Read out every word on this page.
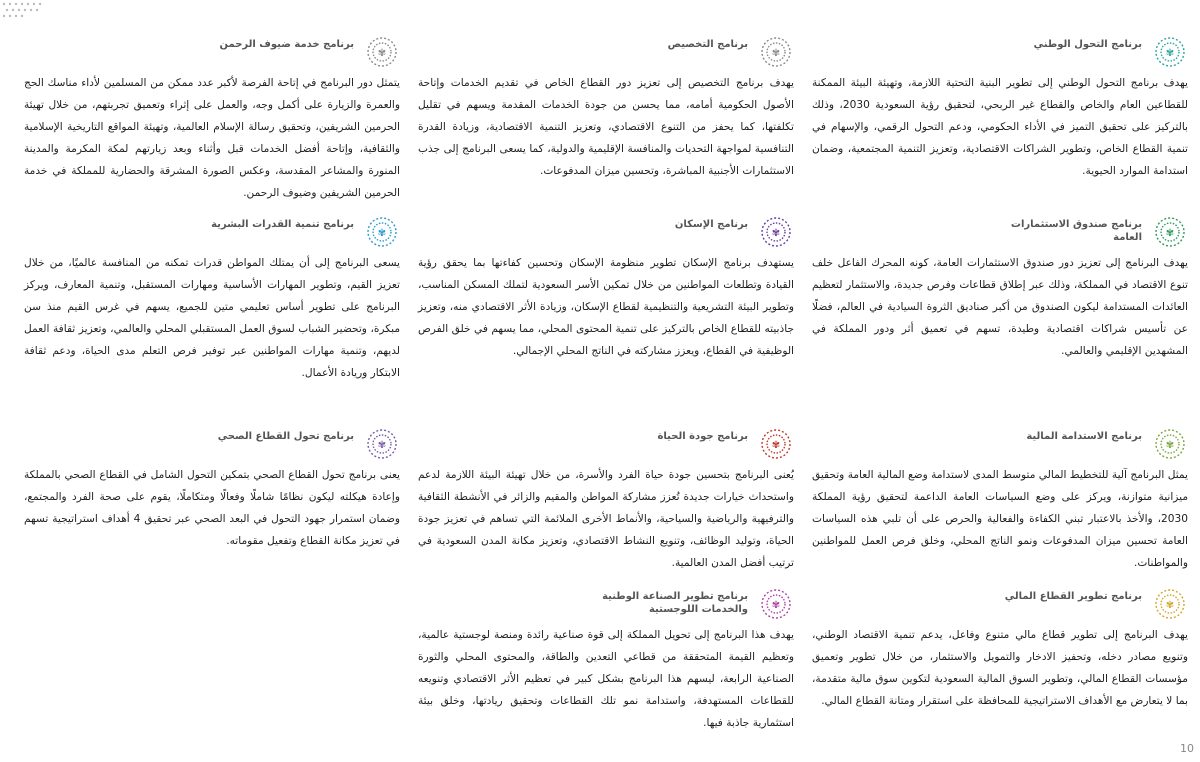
✾
برنامج التحول الوطني
يهدف برنامج التحول الوطني إلى تطوير البنية التحتية اللازمة، وتهيئة البيئة الممكنة للقطاعين العام والخاص والقطاع غير الربحي، لتحقيق رؤية السعودية 2030، وذلك بالتركيز على تحقيق التميز في الأداء الحكومي، ودعم التحول الرقمي، والإسهام في تنمية القطاع الخاص، وتطوير الشراكات الاقتصادية، وتعزيز التنمية المجتمعية، وضمان استدامة الموارد الحيوية.
✾
برنامج صندوق الاستثمارات العامة
يهدف البرنامج إلى تعزيز دور صندوق الاستثمارات العامة، كونه المحرك الفاعل خلف تنوع الاقتصاد في المملكة، وذلك عبر إطلاق قطاعات وفرص جديدة، والاستثمار لتعظيم العائدات المستدامة ليكون الصندوق من أكبر صناديق الثروة السيادية في العالم، فضلًا عن تأسيس شراكات اقتصادية وطيدة، تسهم في تعميق أثر ودور المملكة في المشهدين الإقليمي والعالمي.
✾
برنامج الاستدامة المالية
يمثل البرنامج آلية للتخطيط المالي متوسط المدى لاستدامة وضع المالية العامة وتحقيق ميزانية متوازنة، ويركز على وضع السياسات العامة الداعمة لتحقيق رؤية المملكة 2030، والأخذ بالاعتبار تبني الكفاءة والفعالية والحرص على أن تلبي هذه السياسات العامة تحسين ميزان المدفوعات ونمو الناتج المحلي، وخلق فرص العمل للمواطنين والمواطنات.
✾
برنامج تطوير القطاع المالي
يهدف البرنامج إلى تطوير قطاع مالي متنوع وفاعل، يدعم تنمية الاقتصاد الوطني، وتنويع مصادر دخله، وتحفيز الادخار والتمويل والاستثمار، من خلال تطوير وتعميق مؤسسات القطاع المالي، وتطوير السوق المالية السعودية لتكوين سوق مالية متقدمة، بما لا يتعارض مع الأهداف الاستراتيجية للمحافظة على استقرار ومتانة القطاع المالي.
✾
برنامج التخصيص
يهدف برنامج التخصيص إلى تعزيز دور القطاع الخاص في تقديم الخدمات وإتاحة الأصول الحكومية أمامه، مما يحسن من جودة الخدمات المقدمة ويسهم في تقليل تكلفتها، كما يحفز من التنوع الاقتصادي، وتعزيز التنمية الاقتصادية، وزيادة القدرة التنافسية لمواجهة التحديات والمنافسة الإقليمية والدولية، كما يسعى البرنامج إلى جذب الاستثمارات الأجنبية المباشرة، وتحسين ميزان المدفوعات.
✾
برنامج الإسكان
يستهدف برنامج الإسكان تطوير منظومة الإسكان وتحسين كفاءتها بما يحقق رؤية القيادة وتطلعات المواطنين من خلال تمكين الأسر السعودية لتملك المسكن المناسب، وتطوير البيئة التشريعية والتنظيمية لقطاع الإسكان، وزيادة الأثر الاقتصادي منه، وتعزيز جاذبيته للقطاع الخاص بالتركيز على تنمية المحتوى المحلي، مما يسهم في خلق الفرص الوظيفية في القطاع، ويعزز مشاركته في الناتج المحلي الإجمالي.
✾
برنامج جودة الحياة
يُعنى البرنامج بتحسين جودة حياة الفرد والأسرة، من خلال تهيئة البيئة اللازمة لدعم واستحداث خيارات جديدة تُعزز مشاركة المواطن والمقيم والزائر في الأنشطة الثقافية والترفيهية والرياضية والسياحية، والأنماط الأخرى الملائمة التي تساهم في تعزيز جودة الحياة، وتوليد الوظائف، وتنويع النشاط الاقتصادي، وتعزيز مكانة المدن السعودية في ترتيب أفضل المدن العالمية.
✾
برنامج تطوير الصناعة الوطنية والخدمات اللوجستية
يهدف هذا البرنامج إلى تحويل المملكة إلى قوة صناعية رائدة ومنصة لوجستية عالمية، وتعظيم القيمة المتحققة من قطاعي التعدين والطاقة، والمحتوى المحلي والثورة الصناعية الرابعة، ليسهم هذا البرنامج بشكل كبير في تعظيم الأثر الاقتصادي وتنويعه للقطاعات المستهدفة، واستدامة نمو تلك القطاعات وتحقيق ريادتها، وخلق بيئة استثمارية جاذبة فيها.
✾
برنامج خدمة ضيوف الرحمن
يتمثل دور البرنامج في إتاحة الفرصة لأكبر عدد ممكن من المسلمين لأداء مناسك الحج والعمرة والزيارة على أكمل وجه، والعمل على إثراء وتعميق تجربتهم، من خلال تهيئة الحرمين الشريفين، وتحقيق رسالة الإسلام العالمية، وتهيئة المواقع التاريخية الإسلامية والثقافية، وإتاحة أفضل الخدمات قبل وأثناء وبعد زيارتهم لمكة المكرمة والمدينة المنورة والمشاعر المقدسة، وعكس الصورة المشرقة والحضارية للمملكة في خدمة الحرمين الشريفين وضيوف الرحمن.
✾
برنامج تنمية القدرات البشرية
يسعى البرنامج إلى أن يمتلك المواطن قدرات تمكنه من المنافسة عالميًا، من خلال تعزيز القيم، وتطوير المهارات الأساسية ومهارات المستقبل، وتنمية المعارف، ويركز البرنامج على تطوير أساس تعليمي متين للجميع، يسهم في غرس القيم منذ سن مبكرة، وتحضير الشباب لسوق العمل المستقبلي المحلي والعالمي، وتعزيز ثقافة العمل لديهم، وتنمية مهارات المواطنين عبر توفير فرص التعلم مدى الحياة، ودعم ثقافة الابتكار وريادة الأعمال.
✾
برنامج تحول القطاع الصحي
يعنى برنامج تحول القطاع الصحي بتمكين التحول الشامل في القطاع الصحي بالمملكة وإعادة هيكلته ليكون نظامًا شاملًا وفعالًا ومتكاملًا، يقوم على صحة الفرد والمجتمع، وضمان استمرار جهود التحول في البعد الصحي عبر تحقيق 4 أهداف استراتيجية تسهم في تعزيز مكانة القطاع وتفعيل مقوماته.
10
